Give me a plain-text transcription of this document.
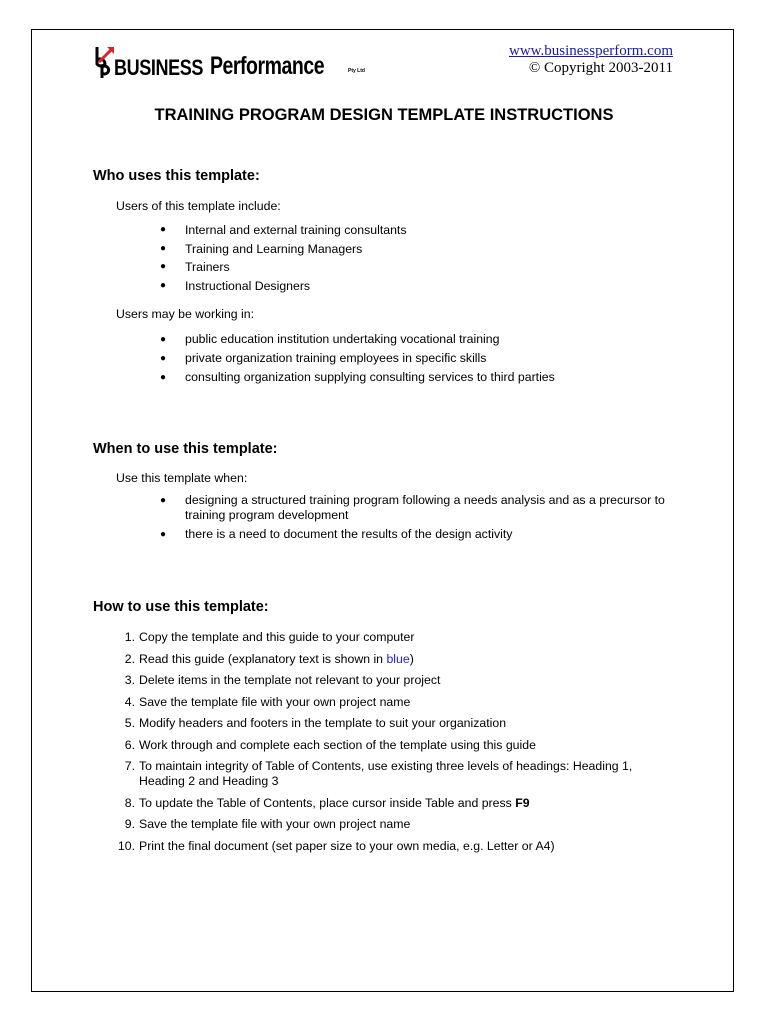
BUSINESS Performance	Pty Ltd
www.businessperform.com
© Copyright 2003-2011
TRAINING PROGRAM DESIGN TEMPLATE INSTRUCTIONS
Who uses this template:
Users of this template include:
● Internal and external training consultants
● Training and Learning Managers
● Trainers
● Instructional Designers
Users may be working in:
● public education institution undertaking vocational training
● private organization training employees in specific skills
● consulting organization supplying consulting services to third parties
When to use this template:
Use this template when:
● designing a structured training program following a needs analysis and as a precursor to training program development
● there is a need to document the results of the design activity
How to use this template:
1. Copy the template and this guide to your computer
2. Read this guide (explanatory text is shown in blue)
3. Delete items in the template not relevant to your project
4. Save the template file with your own project name
5. Modify headers and footers in the template to suit your organization
6. Work through and complete each section of the template using this guide
7. To maintain integrity of Table of Contents, use existing three levels of headings: Heading 1, Heading 2 and Heading 3
8. To update the Table of Contents, place cursor inside Table and press F9
9. Save the template file with your own project name
10. Print the final document (set paper size to your own media, e.g. Letter or A4)
